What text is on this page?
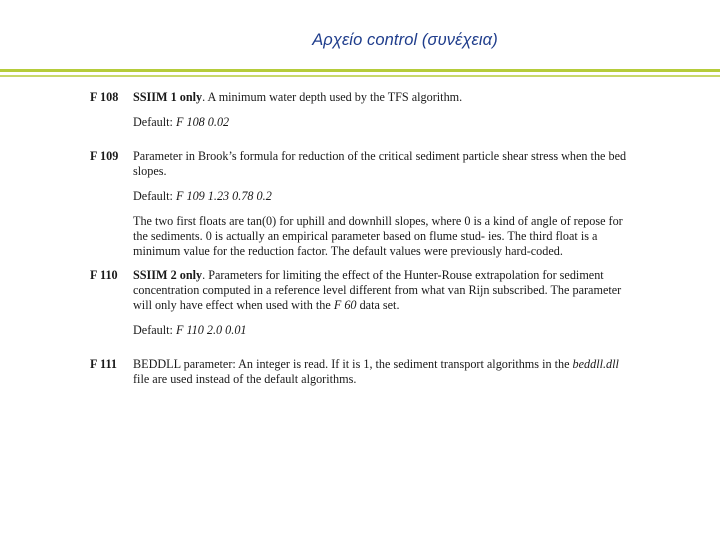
Αρχείο control (συνέχεια)
F 108	SSIIM 1 only. A minimum water depth used by the TFS algorithm.

Default: F 108 0.02

F 109	Parameter in Brook’s formula for reduction of the critical sediment particle shear stress when the bed slopes.

Default: F 109 1.23 0.78 0.2

The two first floats are tan(0) for uphill and downhill slopes, where 0 is a kind of angle of repose for the sediments. 0 is actually an empirical parameter based on flume stud- ies. The third float is a minimum value for the reduction factor. The default values were previously hard-coded.

F 110	SSIIM 2 only. Parameters for limiting the effect of the Hunter-Rouse extrapolation for sediment concentration computed in a reference level different from what van Rijn subscribed. The parameter will only have effect when used with the F 60 data set.

Default: F 110 2.0 0.01

F 111	BEDDLL parameter: An integer is read. If it is 1, the sediment transport algorithms in the beddll.dll file are used instead of the default algorithms.
